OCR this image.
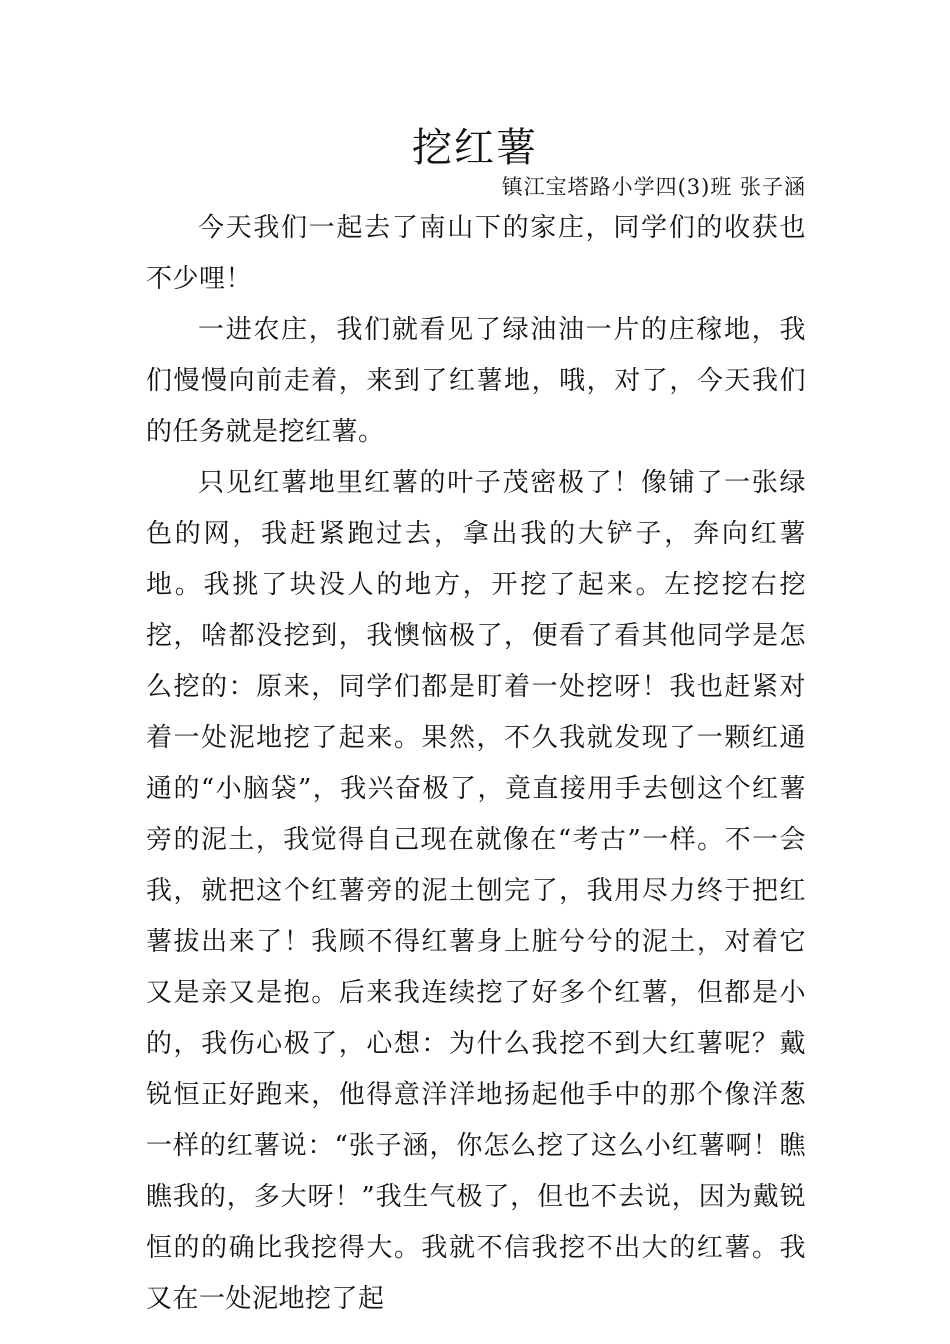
挖红薯
镇江宝塔路小学四(3)班 张子涵

今天我们一起去了南山下的家庄，同学们的收获也不少哩！

一进农庄，我们就看见了绿油油一片的庄稼地，我们慢慢向前走着，来到了红薯地，哦，对了，今天我们的任务就是挖红薯。

只见红薯地里红薯的叶子茂密极了！像铺了一张绿色的网，我赶紧跑过去，拿出我的大铲子，奔向红薯地。我挑了块没人的地方，开挖了起来。左挖挖右挖挖，啥都没挖到，我懊恼极了，便看了看其他同学是怎么挖的：原来，同学们都是盯着一处挖呀！我也赶紧对着一处泥地挖了起来。果然，不久我就发现了一颗红通通的“小脑袋”，我兴奋极了，竟直接用手去刨这个红薯旁的泥土，我觉得自己现在就像在“考古”一样。不一会我，就把这个红薯旁的泥土刨完了，我用尽力终于把红薯拔出来了！我顾不得红薯身上脏兮兮的泥土，对着它又是亲又是抱。后来我连续挖了好多个红薯，但都是小的，我伤心极了，心想：为什么我挖不到大红薯呢？戴锐恒正好跑来，他得意洋洋地扬起他手中的那个像洋葱一样的红薯说：“张子涵，你怎么挖了这么小红薯啊！瞧瞧我的，多大呀！”我生气极了，但也不去说，因为戴锐恒的的确比我挖得大。我就不信我挖不出大的红薯。我又在一处泥地挖了起
